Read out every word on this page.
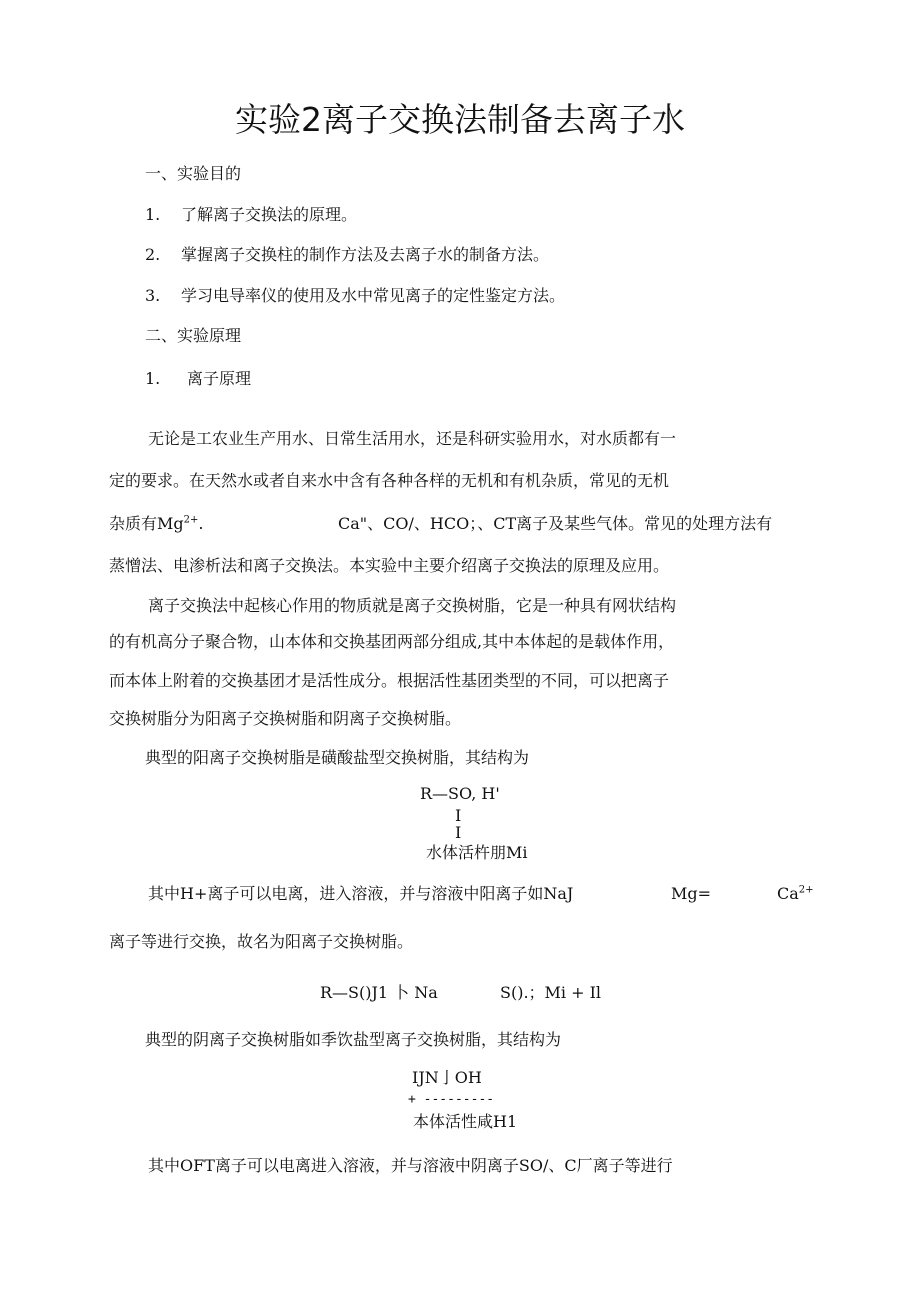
实验2离子交换法制备去离子水
一、实验目的
1. 了解离子交换法的原理。
2. 掌握离子交换柱的制作方法及去离子水的制备方法。
3. 学习电导率仪的使用及水中常见离子的定性鉴定方法。
二、实验原理
1. 离子原理
无论是工农业生产用水、日常生活用水，还是科研实验用水，对水质都有一
定的要求。在天然水或者自来水中含有各种各样的无机和有机杂质，常见的无机
杂质有$Mg^{2+}$.	Ca"、CO/、HCO；、CT离子及某些气体。常见的处理方法有
蒸憎法、电渗析法和离子交换法。本实验中主要介绍离子交换法的原理及应用。
离子交换法中起核心作用的物质就是离子交换树脂，它是一种具有网状结构
的有机高分子聚合物，山本体和交换基团两部分组成,其中本体起的是载体作用，
而本体上附着的交换基团才是活性成分。根据活性基团类型的不同，可以把离子
交换树脂分为阳离子交换树脂和阴离子交换树脂。
典型的阳离子交换树脂是磺酸盐型交换树脂，其结构为
R—SO, H'
I
I
水体活杵朋Mi
其中H+离子可以电离，进入溶液，并与溶液中阳离子如NaJ	Mg=	$Ca^{2+}$
离子等进行交换，故名为阳离子交换树脂。
R—S()J1 卜 Na	S().；Mi + Il
典型的阴离子交换树脂如季饮盐型离子交换树脂，其结构为
IJN亅OH
+ ---------
本体活性咸H1
其中OFT离子可以电离进入溶液，并与溶液中阴离子SO/、C厂离子等进行
